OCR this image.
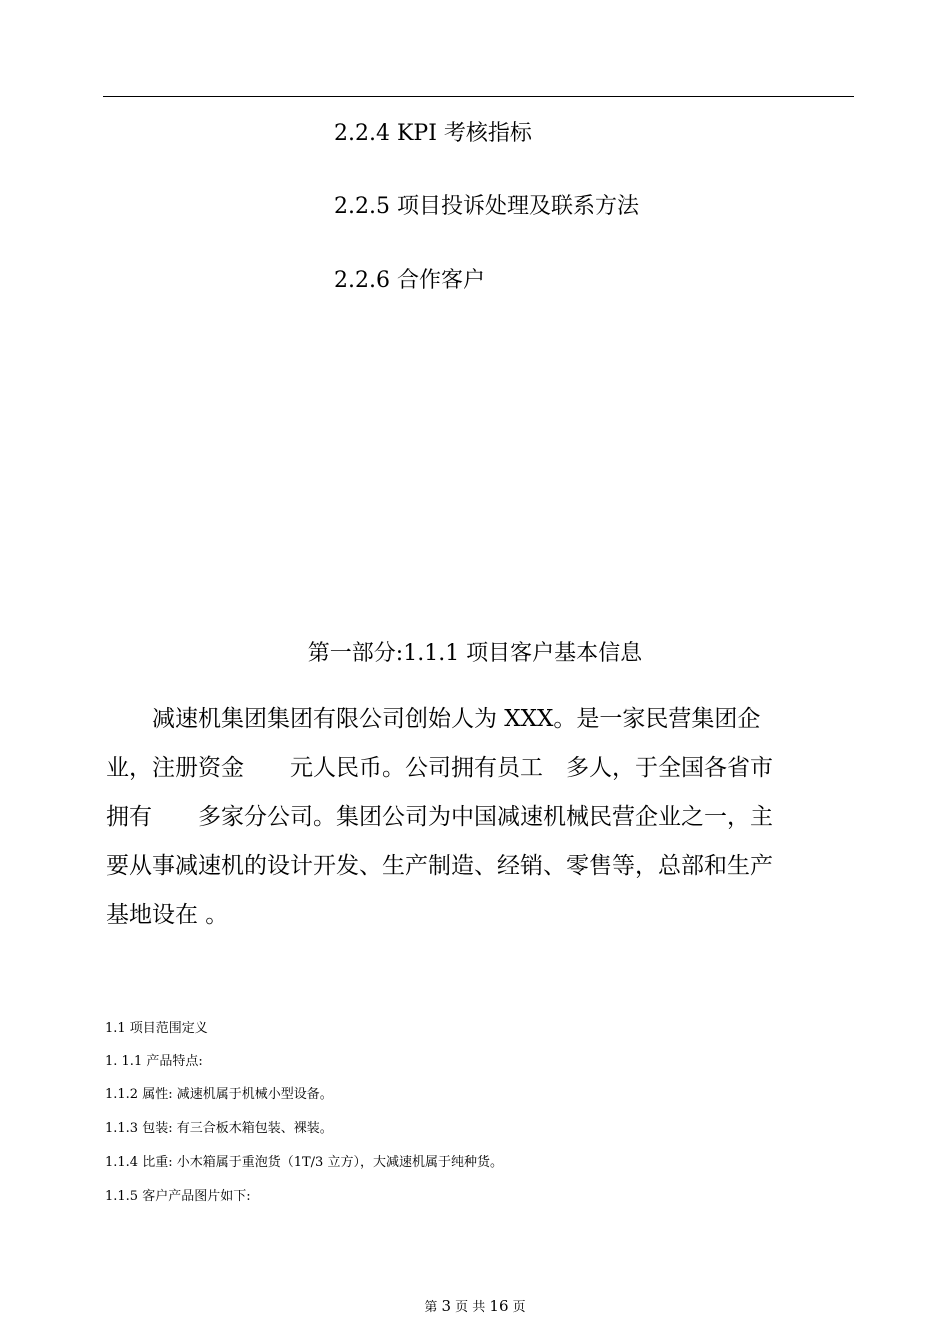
2.2.4 KPI 考核指标
2.2.5 项目投诉处理及联系方法
2.2.6 合作客户
第一部分:1.1.1 项目客户基本信息
　　减速机集团集团有限公司创始人为 XXX。是一家民营集团企
业，注册资金　　元人民币。公司拥有员工　多人，于全国各省市
拥有　　多家分公司。集团公司为中国减速机械民营企业之一，主
要从事减速机的设计开发、生产制造、经销、零售等，总部和生产
基地设在 。
1.1 项目范围定义
1. 1.1 产品特点:
1.1.2 属性: 减速机属于机械小型设备。
1.1.3 包装: 有三合板木箱包装、裸装。
1.1.4 比重: 小木箱属于重泡货（1T/3 立方），大减速机属于纯种货。
1.1.5 客户产品图片如下:
第 3 页 共 16 页
